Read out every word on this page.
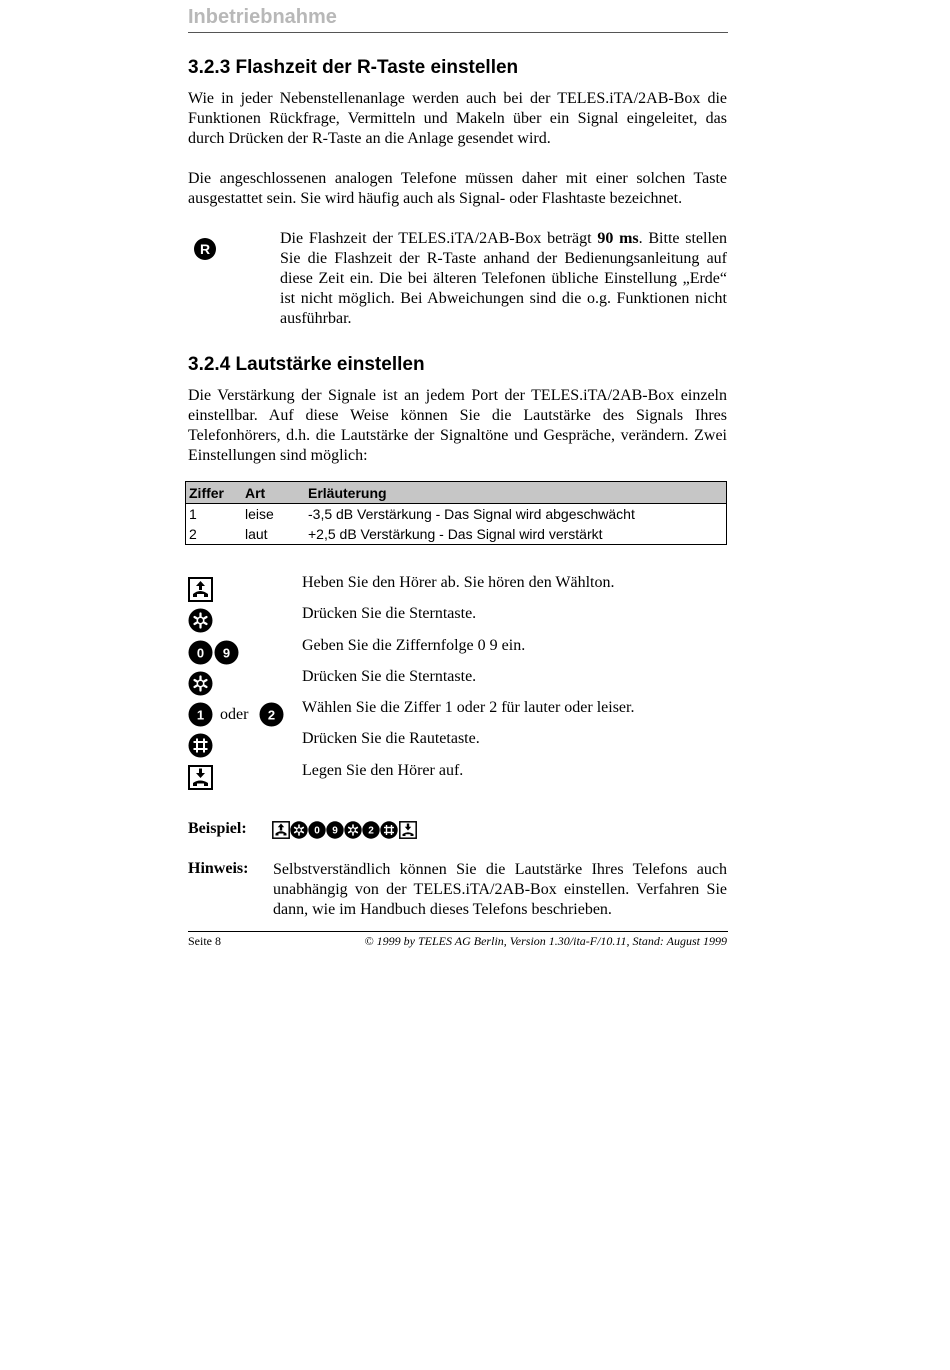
Inbetriebnahme
3.2.3 Flashzeit der R-Taste einstellen

Wie in jeder Nebenstellenanlage werden auch bei der TELES.iTA/2AB-Box die Funktionen Rückfrage, Vermitteln und Makeln über ein Signal eingeleitet, das durch Drücken der R-Taste an die Anlage gesendet wird.

Die angeschlossenen analogen Telefone müssen daher mit einer solchen Taste ausgestattet sein. Sie wird häufig auch als Signal- oder Flashtaste bezeichnet.

R

Die Flashzeit der TELES.iTA/2AB-Box beträgt 90 ms. Bitte stellen Sie die Flashzeit der R-Taste anhand der Bedienungsanleitung auf diese Zeit ein. Die bei älteren Telefonen übliche Einstellung „Erde“ ist nicht möglich. Bei Abweichungen sind die o.g. Funktionen nicht ausführbar.

3.2.4 Lautstärke einstellen

Die Verstärkung der Signale ist an jedem Port der TELES.iTA/2AB-Box einzeln einstellbar. Auf diese Weise können Sie die Lautstärke des Signals Ihres Telefonhörers, d.h. die Lautstärke der Signaltöne und Gespräche, verändern. Zwei Einstellungen sind möglich:

Ziffer	Art	Erläuterung
1	leise	-3,5 dB Verstärkung - Das Signal wird abgeschwächt
2	laut	+2,5 dB Verstärkung - Das Signal wird verstärkt
Heben Sie den Hörer ab. Sie hören den Wählton.
Drücken Sie die Sterntaste.
0 9	Geben Sie die Ziffernfolge 0 9 ein.
Drücken Sie die Sterntaste.
1 oder 2 Wählen Sie die Ziffer 1 oder 2 für lauter oder leiser.
Drücken Sie die Rautetaste.
Legen Sie den Hörer auf.
Beispiel:	0 9	2
Hinweis: Selbstverständlich können Sie die Lautstärke Ihres Telefons auch unabhängig von der TELES.iTA/2AB-Box einstellen. Verfahren Sie dann, wie im Handbuch dieses Telefons beschrieben.

Seite 8	© 1999 by TELES AG Berlin, Version 1.30/ita-F/10.11, Stand: August 1999
